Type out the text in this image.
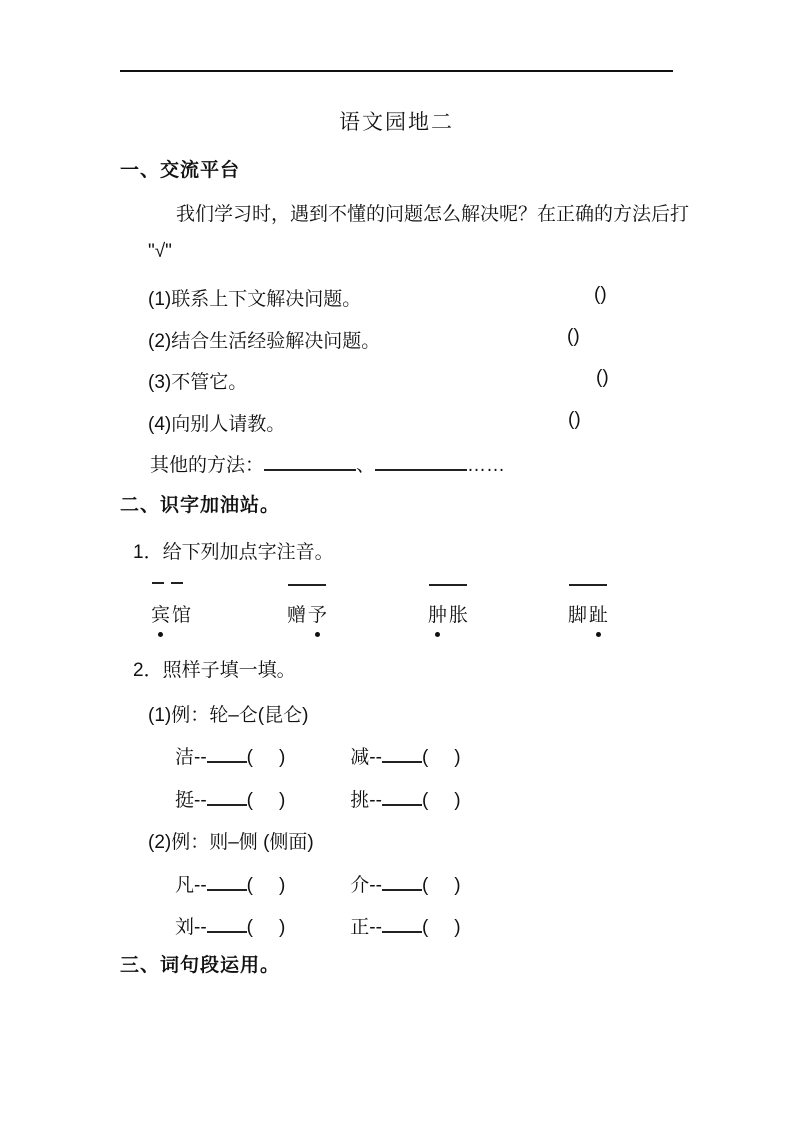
语文园地二
一、交流平台
我们学习时，遇到不懂的问题怎么解决呢？在正确的方法后打
"√"
(1)联系上下文解决问题。	()
(2)结合生活经验解决问题。	()
(3)不管它。	()
(4)向别人请教。	()
其他的方法：	、	……
二、识字加油站。
1．给下列加点字注音。
宾 馆	赠 予	肿 胀	脚 趾
2．照样子填一填。
(1)例：轮–仑(昆仑)
洁-- ( )	减-- ( )
挺-- ( )	挑-- ( )
(2)例：则–侧 (侧面)
凡-- ( )	介-- ( )
刘-- ( )	正-- ( )
三、词句段运用。
